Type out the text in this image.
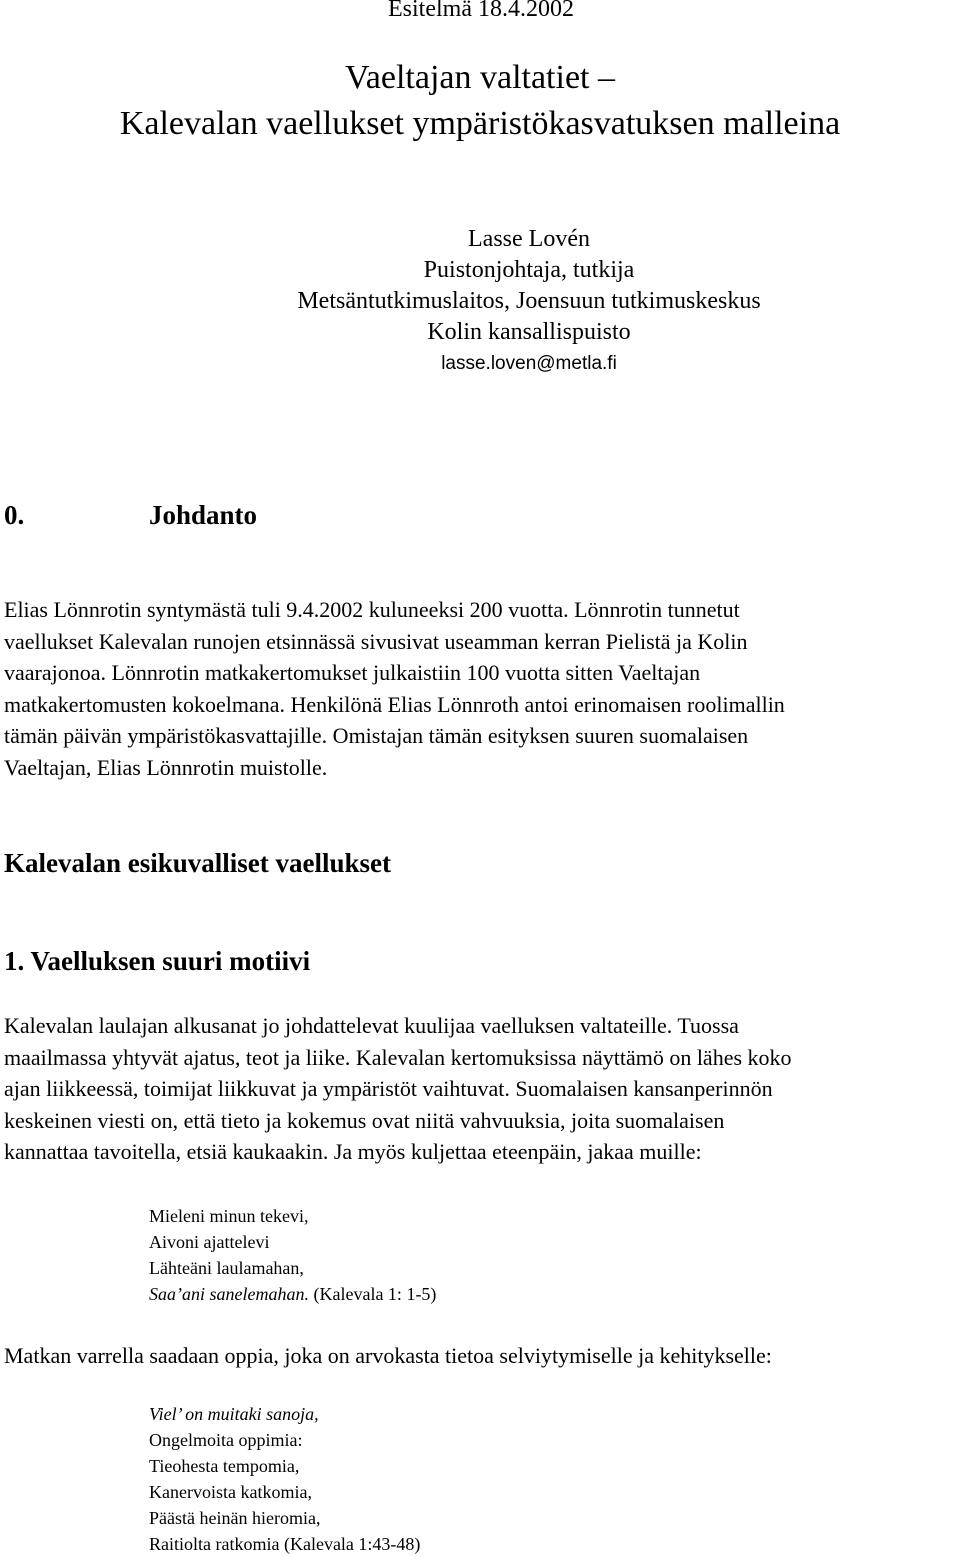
Esitelmä 18.4.2002
Vaeltajan valtatiet –
Kalevalan vaellukset ympäristökasvatuksen malleina
Lasse Lovén
Puistonjohtaja, tutkija
Metsäntutkimuslaitos, Joensuun tutkimuskeskus
Kolin kansallispuisto
lasse.loven@metla.fi
0.	Johdanto
Elias Lönnrotin syntymästä tuli 9.4.2002 kuluneeksi 200 vuotta. Lönnrotin tunnetut
vaellukset Kalevalan runojen etsinnässä sivusivat useamman kerran Pielistä ja Kolin
vaarajonoa. Lönnrotin matkakertomukset julkaistiin 100 vuotta sitten Vaeltajan
matkakertomusten kokoelmana. Henkilönä Elias Lönnroth antoi erinomaisen roolimallin
tämän päivän ympäristökasvattajille. Omistajan tämän esityksen suuren suomalaisen
Vaeltajan, Elias Lönnrotin muistolle.
Kalevalan esikuvalliset vaellukset
1. Vaelluksen suuri motiivi
Kalevalan laulajan alkusanat jo johdattelevat kuulijaa vaelluksen valtateille. Tuossa
maailmassa yhtyvät ajatus, teot ja liike. Kalevalan kertomuksissa näyttämö on lähes koko
ajan liikkeessä, toimijat liikkuvat ja ympäristöt vaihtuvat. Suomalaisen kansanperinnön
keskeinen viesti on, että tieto ja kokemus ovat niitä vahvuuksia, joita suomalaisen
kannattaa tavoitella, etsiä kaukaakin. Ja myös kuljettaa eteenpäin, jakaa muille:
Mieleni minun tekevi,
Aivoni ajattelevi
Lähteäni laulamahan,
Saa’ani sanelemahan. (Kalevala 1: 1-5)
Matkan varrella saadaan oppia, joka on arvokasta tietoa selviytymiselle ja kehitykselle:
Viel’ on muitaki sanoja,
Ongelmoita oppimia:
Tieohesta tempomia,
Kanervoista katkomia,
Päästä heinän hieromia,
Raitiolta ratkomia (Kalevala 1:43-48)
